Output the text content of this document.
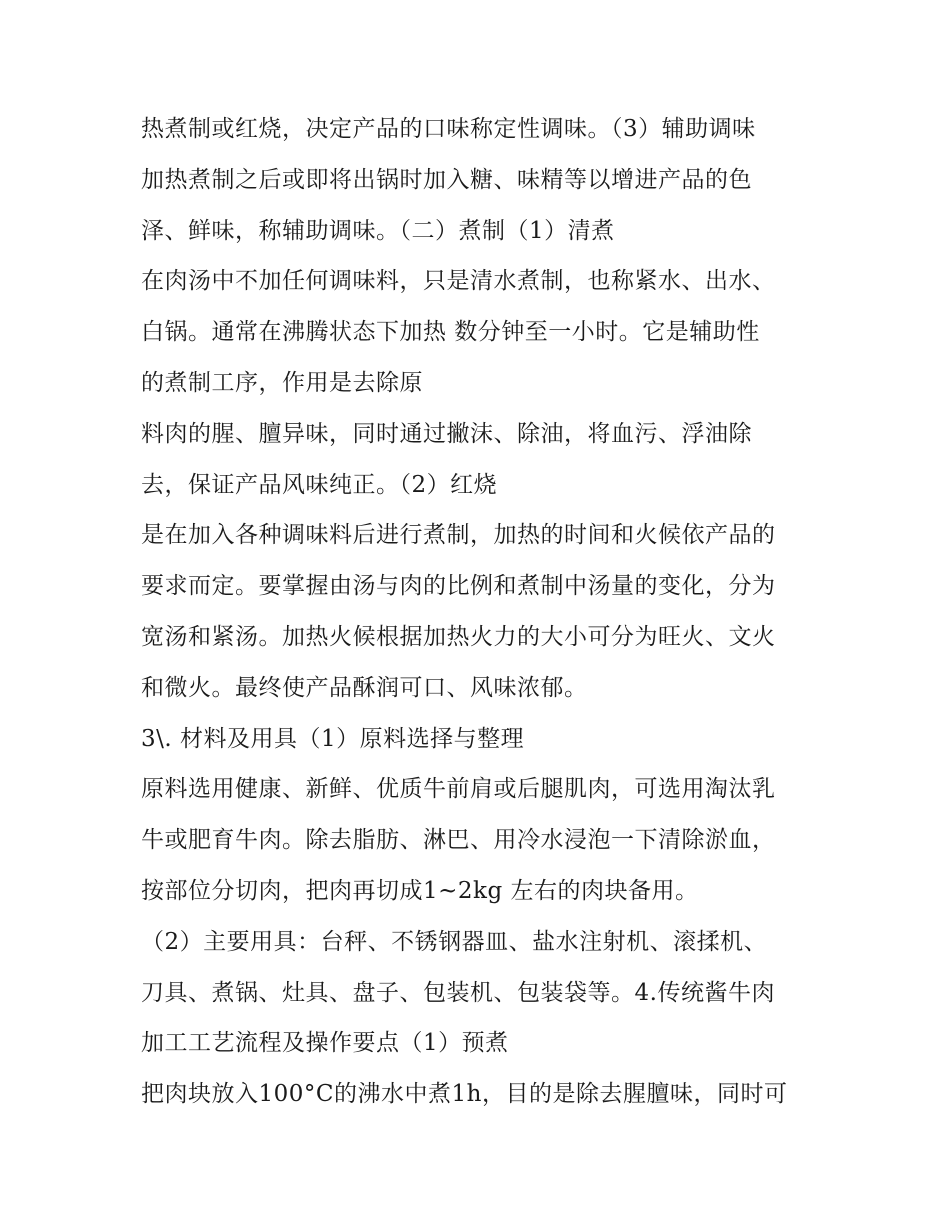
热煮制或红烧，决定产品的口味称定性调味。（3）辅助调味
加热煮制之后或即将出锅时加入糖、味精等以增进产品的色
泽、鲜味，称辅助调味。（二）煮制（1）清煮
在肉汤中不加任何调味料，只是清水煮制，也称紧水、出水、
白锅。通常在沸腾状态下加热 数分钟至一小时。它是辅助性
的煮制工序，作用是去除原
料肉的腥、膻异味，同时通过撇沫、除油，将血污、浮油除
去，保证产品风味纯正。（2）红烧
是在加入各种调味料后进行煮制，加热的时间和火候依产品的
要求而定。要掌握由汤与肉的比例和煮制中汤量的变化，分为
宽汤和紧汤。加热火候根据加热火力的大小可分为旺火、文火
和微火。最终使产品酥润可口、风味浓郁。
3\. 材料及用具（1）原料选择与整理
原料选用健康、新鲜、优质牛前肩或后腿肌肉，可选用淘汰乳
牛或肥育牛肉。除去脂肪、淋巴、用冷水浸泡一下清除淤血，
按部位分切肉，把肉再切成1~2kg 左右的肉块备用。
（2）主要用具：台秤、不锈钢器皿、盐水注射机、滚揉机、
刀具、煮锅、灶具、盘子、包装机、包装袋等。4.传统酱牛肉
加工工艺流程及操作要点（1）预煮
把肉块放入100°C的沸水中煮1h，目的是除去腥膻味，同时可
